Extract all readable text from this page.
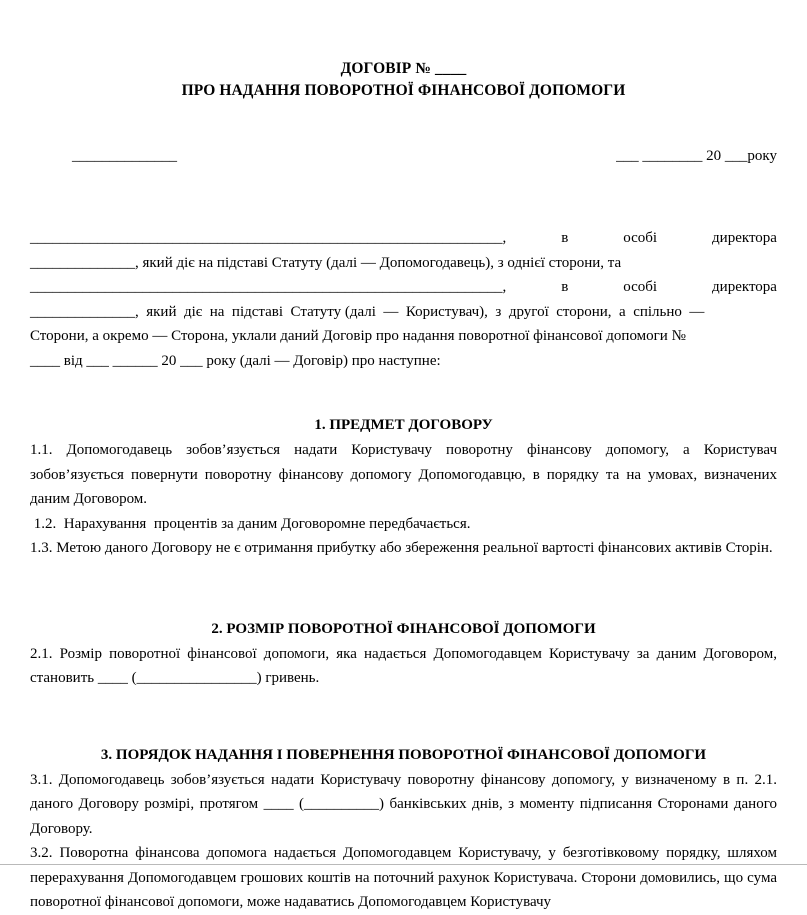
ДОГОВІР № ____
ПРО НАДАННЯ ПОВОРОТНОЇ ФІНАНСОВОЇ ДОПОМОГИ
______________	___ ________ 20 ___року
_______________________________________________________________,	в	особі	директора
______________, який діє на підставі Статуту (далі — Допомогодавець), з однієї сторони, та
_______________________________________________________________,	в	особі	директора
______________,  який  діє  на  підставі  Статуту (далі  —  Користувач),  з  другої  сторони,  а  спільно  —
Сторони, а окремо — Сторона, уклали даний Договір про надання поворотної фінансової допомоги №
____ від ___ ______ 20 ___ року (далі — Договір) про наступне:
1. ПРЕДМЕТ ДОГОВОРУ

1.1. Допомогодавець зобов’язується надати Користувачу поворотну фінансову допомогу, а Користувач зобов’язується повернути поворотну фінансову допомогу Допомогодавцю, в порядку та на умовах, визначених даним Договором.

1.2.  Нарахування  процентів за даним Договоромне передбачається.

1.3. Метою даного Договору не є отримання прибутку або збереження реальної вартості фінансових активів Сторін.

2. РОЗМІР ПОВОРОТНОЇ ФІНАНСОВОЇ ДОПОМОГИ

2.1. Розмір поворотної фінансової допомоги, яка надається Допомогодавцем Користувачу за даним Договором, становить ____ (________________) гривень.

3. ПОРЯДОК НАДАННЯ І ПОВЕРНЕННЯ ПОВОРОТНОЇ ФІНАНСОВОЇ ДОПОМОГИ

3.1. Допомогодавець зобов’язується надати Користувачу поворотну фінансову допомогу, у визначеному в п. 2.1. даного Договору розмірі, протягом ____ (__________) банківських днів, з моменту підписання Сторонами даного Договору.

3.2. Поворотна фінансова допомога надається Допомогодавцем Користувачу, у безготівковому порядку, шляхом перерахування Допомогодавцем грошових коштів на поточний рахунок Користувача. Сторони домовились, що сума поворотної фінансової допомоги, може надаватись Допомогодавцем Користувачу
